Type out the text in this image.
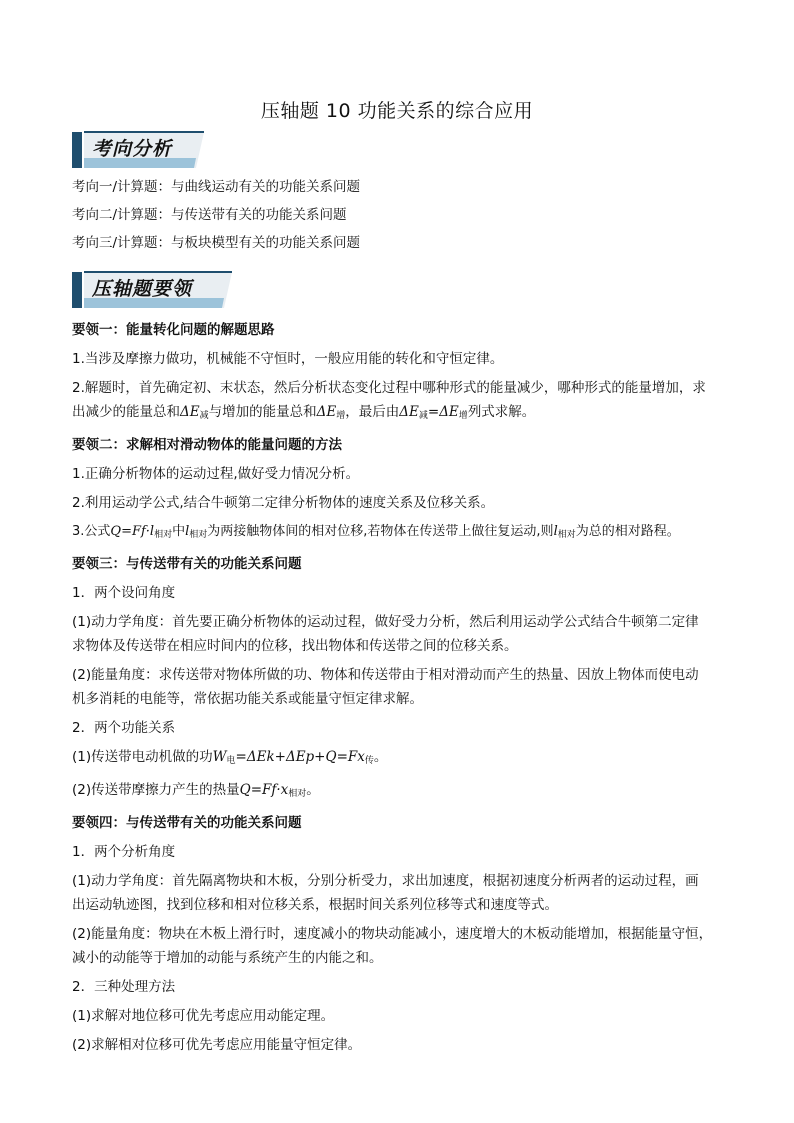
压轴题 10 功能关系的综合应用
考向分析
考向一/计算题：与曲线运动有关的功能关系问题
考向二/计算题：与传送带有关的功能关系问题
考向三/计算题：与板块模型有关的功能关系问题
压轴题要领

要领一：能量转化问题的解题思路

1.当涉及摩擦力做功，机械能不守恒时，一般应用能的转化和守恒定律。

2.解题时，首先确定初、末状态，然后分析状态变化过程中哪种形式的能量减少，哪种形式的能量增加，求

出减少的能量总和$\Delta E_减$与增加的能量总和$\Delta E_增$，最后由$\Delta E_减=\Delta E_增$列式求解。

要领二：求解相对滑动物体的能量问题的方法

1.正确分析物体的运动过程,做好受力情况分析。

2.利用运动学公式,结合牛顿第二定律分析物体的速度关系及位移关系。

3.公式$Q=Ff\cdot l_{相对}$中$l_{相对}$为两接触物体间的相对位移,若物体在传送带上做往复运动,则$l_{相对}$为总的相对路程。

要领三：与传送带有关的功能关系问题

1．两个设问角度

(1)动力学角度：首先要正确分析物体的运动过程，做好受力分析，然后利用运动学公式结合牛顿第二定律

求物体及传送带在相应时间内的位移，找出物体和传送带之间的位移关系。

(2)能量角度：求传送带对物体所做的功、物体和传送带由于相对滑动而产生的热量、因放上物体而使电动

机多消耗的电能等，常依据功能关系或能量守恒定律求解。

2．两个功能关系

(1)传送带电动机做的功$W_电=\Delta Ek+\Delta Ep+Q=Fx_传$。

(2)传送带摩擦力产生的热量$Q=Ff\cdot x_{相对}$。

要领四：与传送带有关的功能关系问题

1．两个分析角度

(1)动力学角度：首先隔离物块和木板，分别分析受力，求出加速度，根据初速度分析两者的运动过程，画

出运动轨迹图，找到位移和相对位移关系，根据时间关系列位移等式和速度等式。

(2)能量角度：物块在木板上滑行时，速度减小的物块动能减小，速度增大的木板动能增加，根据能量守恒，

减小的动能等于增加的动能与系统产生的内能之和。

2．三种处理方法

(1)求解对地位移可优先考虑应用动能定理。

(2)求解相对位移可优先考虑应用能量守恒定律。
